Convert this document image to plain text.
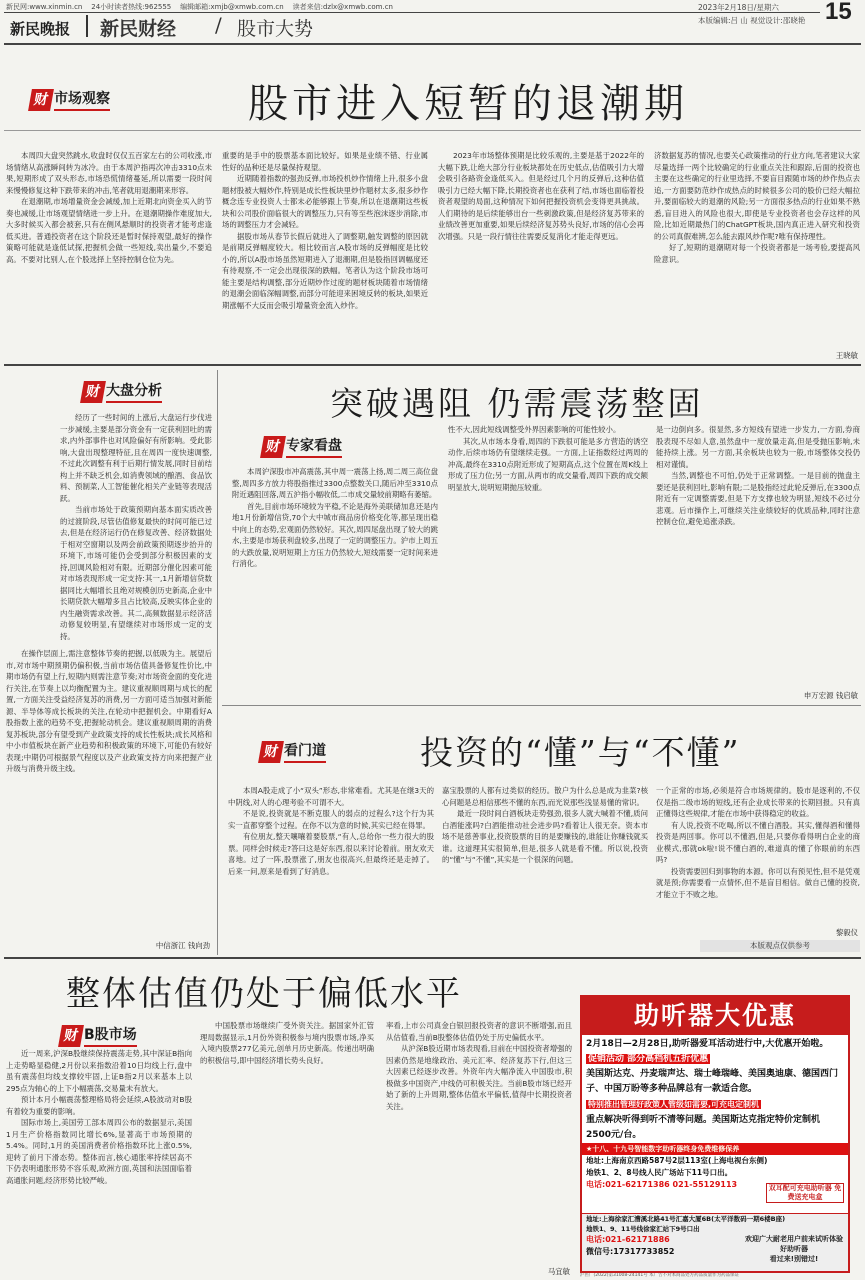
新民网:www.xinmin.cn 24小时读者热线:962555 编辑邮箱:xmjb@xmwb.com.cn 读者来信:dzlx@xmwb.com.cn	2023年2月18日/星期六 15
本版编辑:吕 山 视觉设计:邵晓艳
新民晚报 新民财经 / 股市大势
财 市场观察	股市进入短暂的退潮期

本周四大盘突然跳水,收盘时仅仅五百家左右的公司收涨,市场情绪从高涨瞬间转为冰冷。由于本周沪指再次冲击3310点未果,短期形成了双头形态,市场恐慌情绪蔓延,所以需要一段时间来慢慢修复这种下跌带来的冲击,笔者就用退潮期来形容。

在退潮期,市场增量资金会减缓,加上近期北向资金买入的节奏也减缓,让市场观望情绪进一步上升。在退潮期操作难度加大,大多时候买入都会被套,只有在侧风悬顺时的投资者才能考虑逢低买进。普通投资者在这个阶段还是暂时保持观望,最好的操作策略可能就是逢低试探,把握机会做一些短线,卖出量少,不要追高。不要对比别人,在个股选择上坚持控制仓位为先。

重要的是手中的股票基本面比较好。如果是业绩不错、行业属性好的品种还是尽量保持观望。

近期随着指数的强劲反弹,市场投机炒作情绪上升,很多小盘题材股被大幅炒作,特别是成长性板块里炒作题材太多,很多炒作概念连专业投资人士都未必能够跟上节奏,所以在退潮期这些板块和公司股价面临很大的调整压力,只有等至些泡沫逐步消除,市场的调整压力才会减轻。

据股市场从春节长假后就进入了调整期,触发调整的原因就是前期反弹幅度较大。相比较而言,A股市场的反弹幅度是比较小的,所以A股市场虽然短期进入了退潮期,但是股指回调幅度还有待观察,不一定会出现很深的跌幅。笔者认为这个阶段市场可能主要是结构调整,部分近期炒作过度的题材板块随着市场情绪的退潮会面临深幅调整,而部分可能迎来困境反转的板块,如果近期涨幅不大反而会吸引增量资金流入炒作。

2023年市场整体预期是比较乐观的,主要是基于2022年的大幅下跌,让绝大部分行业板块都处在历史低点,估值吸引力大增会吸引各路资金逢低买入。但是经过几个月的反弹后,这种估值吸引力已经大幅下降,长期投资者也在获利了结,市场也面临着投资者观望的局面,这种情况下如何把握投资机会变得更具挑战。人们期待的是后续能够出台一些刺激政策,但是经济复苏带来的业绩改善更加重要,如果后续经济复苏势头良好,市场的信心会再次增强。只是一段行情往往需要反复消化才能走得更远。

济数据复苏的情况,也要关心政策推动的行业方向,笔者建议大家尽量选择一两个比较确定的行业重点关注和跟踪,后面的投资也主要在这些确定的行业里选择,不要盲目跟随市场的炒作热点去追,一方面要防范炒作成热点的时候很多公司的股价已经大幅拉升,要面临较大的退潮的风险;另一方面很多热点的行业如果不熟悉,盲目进入的风险也很大,即使是专业投资者也会存这样的风险,比如近期最热门的ChatGPT板块,国内真正进入研究和投资的公司真假难辨,怎么能去跟风炒作呢?唯有保持理性。

好了,短期的退潮期对每一个投资者都是一场考验,要提高风险意识。

王晓敏
财 大盘分析

经历了一些时间的上涨后,大盘运行步伐进一步减缓,主要是部分资金有一定获利回吐的需求,内外部事件也对风险偏好有所影响。受此影响,大盘出现整理特征,且在周四一度快速调整,不过此次调整有利于后期行情发展,同时目前结构上并不缺乏机会,如消费领域的酿酒、食品饮料、预制菜,人工智能催化相关产业链等表现活跃。

当前市场处于政策预期向基本面实质改善的过渡阶段,尽管估值修复最快的时间可能已过去,但是在经济运行仍在修复改善、经济数据处于相对空窗期以及两会前政策预期逐步抬升的环境下,市场可能仍会受到部分积极因素的支持,回调风险相对有限。近期部分催化因素可能对市场表现形成一定支持:其一,1月新增信贷数据同比大幅增长且绝对规模创历史新高,企业中长期贷款大幅增多且占比较高,反映实体企业的内生融资需求改善。其二,高频数据显示经济活动修复较明显,有望继续对市场形成一定的支持。

在操作层面上,需注意整体节奏的把握,以低吸为主。展望后市,对市场中期预期仍偏积极,当前市场估值具备修复性价比,中期市场仍有望上行,短期内则需注意节奏;对市场资金面的变化进行关注,在节奏上以均衡配置为主。建议重视顺周期与成长的配置,一方面关注受益经济复苏的消费,另一方面可适当加强对新能源、半导体等成长板块的关注,在轮动中把握机会。中期看好A股指数上涨的趋势不变,把握轮动机会。建议重视顺周期的消费复苏板块,部分有望受到产业政策支持的成长性板块;成长风格和中小市值板块在新产业趋势和积极政策的环境下,可能仍有较好表现;中期仍可根据景气程度以及产业政策支持方向来把握产业升级与消费升级主线。

中信浙江 钱向劲
突破遇阻 仍需震荡整固
财 专家看盘

本周沪深股市冲高震荡,其中周一震荡上扬,周二周三高位盘整,周四多方放力将股指推过3300点整数关口,随后冲至3310点附近遇阻回落,周五沪指小幅收低,二市成交量较前期略有萎缩。

首先,目前市场环境较为平稳,不论是海外美联储加息还是内地1月份新增信贷,70个大中城市商品房价格变化等,都呈现出稳中向上的态势,宏观面仍然较好。其次,周四尾盘出现了较大的跳水,主要是市场获利盘较多,出现了一定的调整压力。沪市上周五的大跌放量,说明短期上方压力仍然较大,短线需要一定时间来进行消化。

性不大,因此短线调整受外界因素影响的可能性较小。

其次,从市场本身看,周四的下跌很可能是多方营造的诱空动作,后续市场仍有望继续走强。一方面,上证指数经过两周的冲高,最终在3310点附近形成了短期高点,这个位置在周K线上形成了压力位;另一方面,从两市的成交量看,周四下跌的成交额明显放大,说明短期抛压较重。

是一边倒向多。很显然,多方短线有望进一步发力,一方面,券商股表现不尽如人意,虽然盘中一度放量走高,但是受抛压影响,未能持续上涨。另一方面,其余板块也较为一般,市场整体交投仍相对谨慎。

当然,调整也不可怕,仍处于正常调整。一是目前的抛盘主要还是获利回吐,影响有限;二是股指经过此轮反弹后,在3300点附近有一定调整需要,但是下方支撑也较为明显,短线不必过分悲观。后市操作上,可继续关注业绩较好的优质品种,同时注意控制仓位,避免追涨杀跌。

申万宏源 钱启敏
财 看门道	投资的“懂”与“不懂”

本周A股走成了小“双头”形态,非常难看。尤其是在继3天的中阴线,对人的心理考验不可谓不大。

不是说,投资就是不断克服人的弱点的过程么?这个行为其实一直都穿整个过程。在你不以为意的时候,其实已经在得罪。

有位朋友,整天嚷嚷着要股票,“有人,总给你一些力很大的股票。同样会时候走?答曰这是好东西,很以来讨论着前。朋友欢天喜地。过了一阵,股票涨了,朋友也很高兴,但最终还是走掉了。后来一问,原来是看到了好消息。

嘉宝股票的人都有过类似的经历。散户为什么总是成为韭菜?核心问题是总相信那些不懂的东西,而光说那些浅显易懂的常识。

最近一段时间白酒板块走势强劲,很多人就大喊着不懂,质问白酒能涨吗?白酒能推动社会进步吗?看着让人很无奈。资本市场不是慈善事业,投资股票的目的是要赚钱的,谁能让你赚钱就买谁。这道理其实很简单,但是,很多人就是看不懂。所以说,投资的“懂”与“不懂”,其实是一个很深的问题。

一个正常的市场,必须是符合市场规律的。股市是逐利的,不仅仅是指二级市场的短线,还有企业成长带来的长期回报。只有真正懂得这些规律,才能在市场中获得稳定的收益。

有人说,投资不吃喝,所以不懂白酒股。其实,懂得酒和懂得投资是两回事。你可以不懂酒,但是,只要你看得明白企业的商业模式,那就ok啦!说不懂白酒的,难道真的懂了你眼前的东西吗?

投资需要回归到事物的本源。你可以有预见性,但不是凭观就是预;你需要看一点情怀,但不是盲目相信。做自己懂的投资,才能立于不败之地。

黎毅仪
本版观点仅供参考
整体估值仍处于偏低水平
财 B股市场

近一周来,沪深B股继续保持震荡走势,其中深证B指向上走势略显稳健,2月份以来指数沿着10日均线上行,盘中虽有震荡但均线支撑较牢固,上证B指2月以来基本上以295点为轴心的上下小幅震荡,交易量未有放大。

预计本月小幅震荡整理格局将会延续,A股波动对B股有着较为重要的影响。

国际市场上,美国劳工部本周四公布的数据显示,美国1月生产价格指数同比增长6%,显著高于市场预期的5.4%。同时,1月的美国消费者价格指数环比上涨0.5%,迎转了前月下滑态势。整体而言,核心通胀率持续居高不下仍表明通胀形势不容乐观,欧洲方面,英国和法国面临着高通胀问题,经济形势比较严峻。

中国股票市场继续广受外资关注。据国家外汇管理局数据显示,1月份外资积极参与境内股票市场,净买入境内股票277亿美元,创单月历史新高。传递出明确的积极信号,即中国经济增长势头良好。

率看,上市公司真金白银回报投资者的意识不断增强,而且从估值看,当前B股整体估值仍处于历史偏低水平。

从沪深B股近期市场表现看,目前在中国投资者增强的因素仍然是地缘政治、美元汇率、经济复苏下行,但这三大因素已经逐步改善。外资年内大幅净流入中国股市,积极做多中国资产,中线仍可积极关注。当前B股市场已经开始了新的上升周期,整体估值水平偏低,值得中长期投资者关注。

马宜敏
助听器大优惠
2月18日—2月28日,助听器爱耳活动进行中,大优惠开始啦。
促销活动 部分高档机五折优惠
美国斯达克、丹麦瑞声达、瑞士峰瑞峰、美国奥迪康、德国西门子、中国万盼等多种品牌总有一款适合您。
特别推出管理好政策人管级如需要,可充电定制机
重点解决听得到听不清等问题。美国斯达克指定特价定制机2500元/台。
★十八、十九号智能数字助听器终身免费维修保养
双耳配可充电助听器 免费送充电盒
地址:上海南京西路587号2层113室(上海电视台东侧)
地铁1、2、8号线人民广场站下11号口出。
电话:021-62171386 021-55129113
地址:上海徐家汇漕溪北路41号汇嘉大厦6B(太平洋数码一期6楼B座)
地铁1、9、11号线徐家汇站下9号口出
电话:021-62171886
微信号:17317733852
欢迎广大耐老用户前来试听体验
好助听器
看过来!别错过!
沪医广(2022)第31008-24141号 本广告不对本商品处方药品质量作为药品保证
